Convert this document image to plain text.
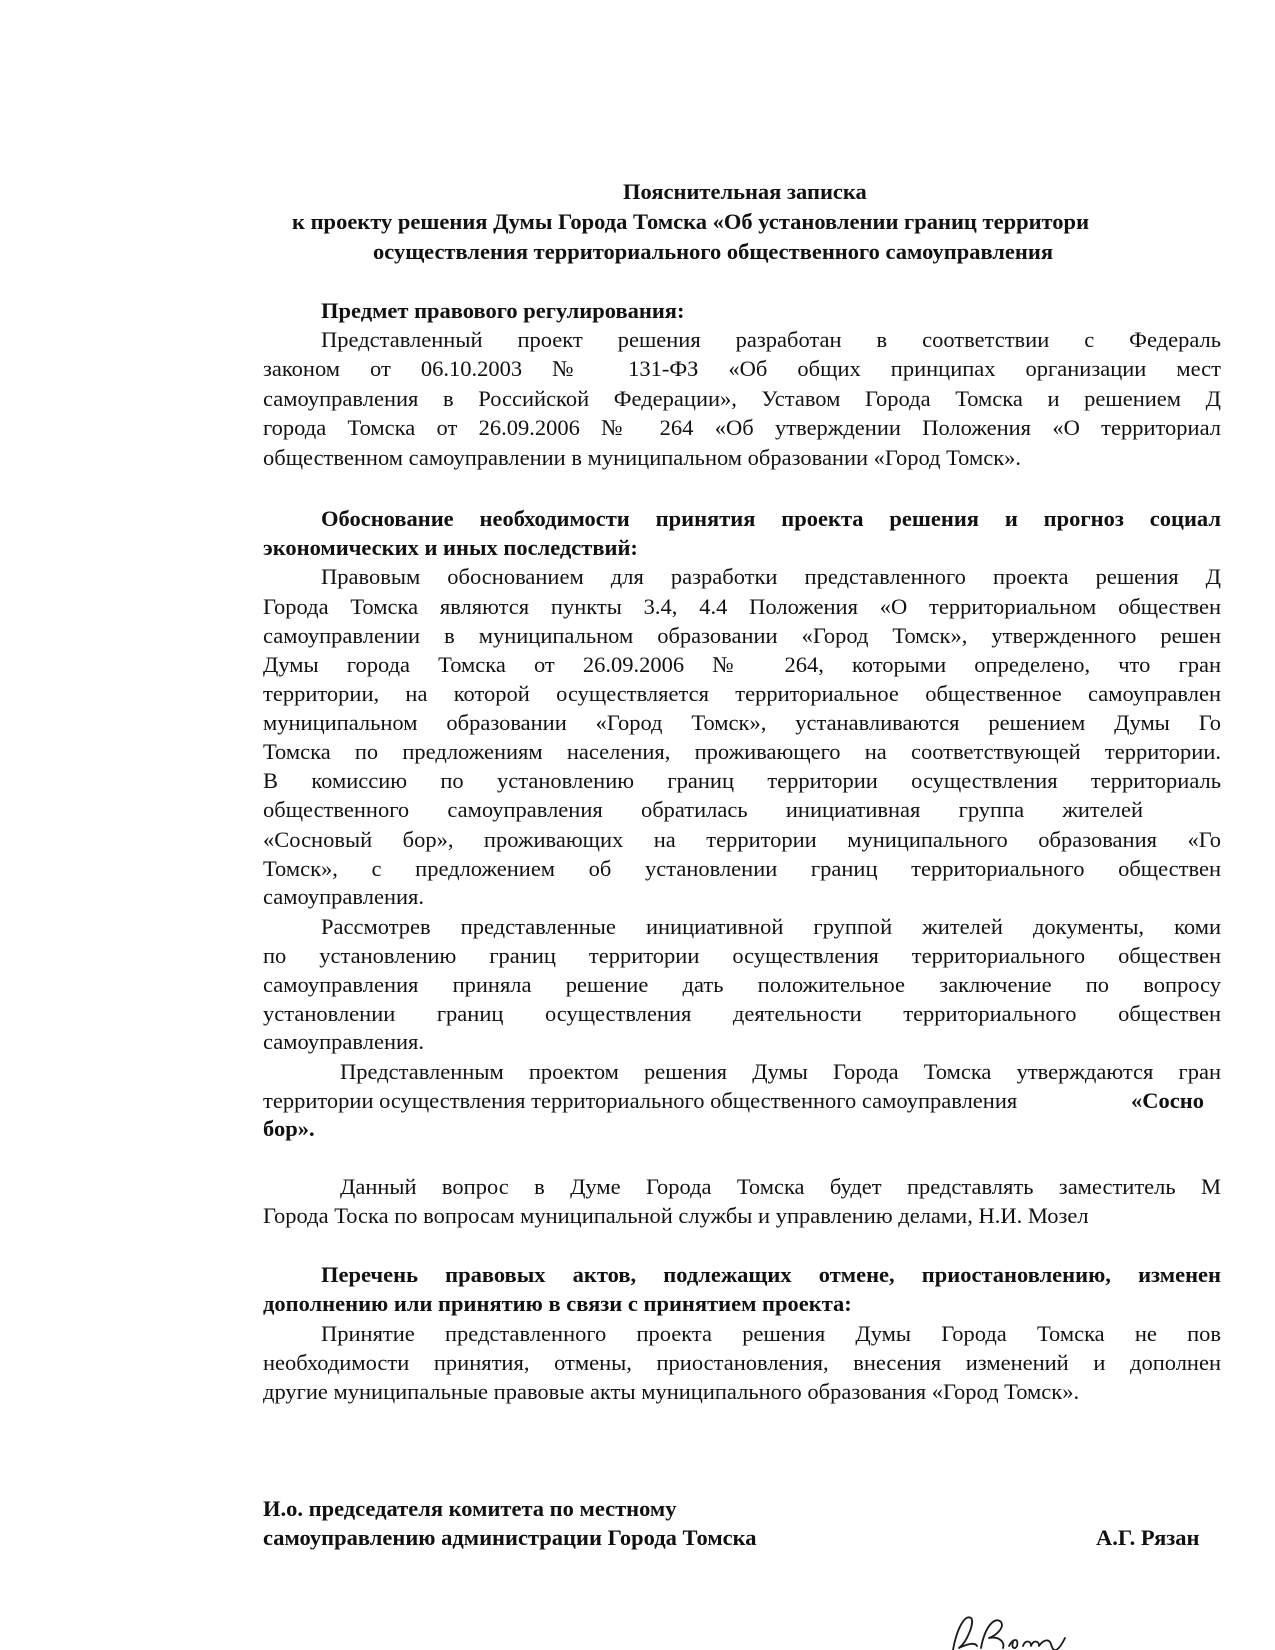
Пояснительная записка
к проекту решения Думы Города Томска «Об установлении границ территори
осуществления территориального общественного самоуправления
Предмет правового регулирования:
Представленный проект решения разработан в соответствии с Федераль
законом от 06.10.2003 № 131-ФЗ «Об общих принципах организации мест
самоуправления в Российской Федерации», Уставом Города Томска и решением Д
города Томска от 26.09.2006 № 264 «Об утверждении Положения «О территориал
общественном самоуправлении в муниципальном образовании «Город Томск».
Обоснование необходимости принятия проекта решения и прогноз социал
экономических и иных последствий:
Правовым обоснованием для разработки представленного проекта решения Д
Города Томска являются пункты 3.4, 4.4 Положения «О территориальном обществен
самоуправлении в муниципальном образовании «Город Томск», утвержденного решен
Думы города Томска от 26.09.2006 № 264, которыми определено, что гран
территории, на которой осуществляется территориальное общественное самоуправлен
муниципальном образовании «Город Томск», устанавливаются решением Думы Го
Томска по предложениям населения, проживающего на соответствующей территории.
В комиссию по установлению границ территории осуществления территориаль
общественного самоуправления обратилась инициативная группа жителей
«Сосновый бор», проживающих на территории муниципального образования «Го
Томск», с предложением об установлении границ территориального обществен
самоуправления.
Рассмотрев представленные инициативной группой жителей документы, коми
по установлению границ территории осуществления территориального обществен
самоуправления приняла решение дать положительное заключение по вопросу
установлении границ осуществления деятельности территориального обществен
самоуправления.
Представленным проектом решения Думы Города Томска утверждаются гран
территории осуществления территориального общественного самоуправления	«Сосно
бор».
Данный вопрос в Думе Города Томска будет представлять заместитель М
Города Тоска по вопросам муниципальной службы и управлению делами, Н.И. Мозел
Перечень правовых актов, подлежащих отмене, приостановлению, изменен
дополнению или принятию в связи с принятием проекта:
Принятие представленного проекта решения Думы Города Томска не пов
необходимости принятия, отмены, приостановления, внесения изменений и дополнен
другие муниципальные правовые акты муниципального образования «Город Томск».
И.о. председателя комитета по местному
самоуправлению администрации Города Томска	А.Г. Рязан
